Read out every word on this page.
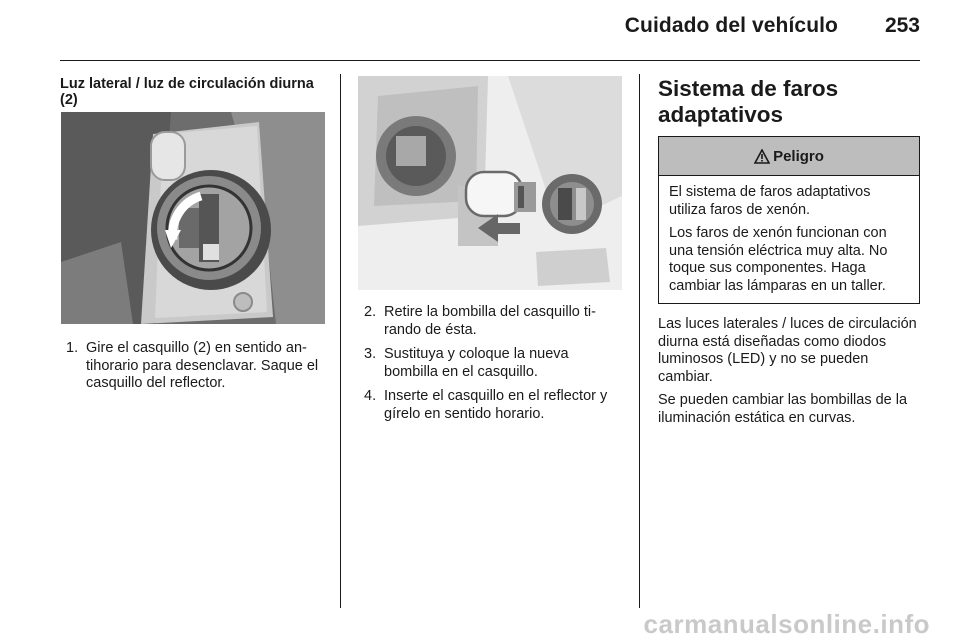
Cuidado del vehículo 253
Luz lateral / luz de circulación diurna (2)
1. Gire el casquillo (2) en sentido antihorario para desenclavar. Saque el casquillo del reflector.
2. Retire la bombilla del casquillo tirando de ésta.
3. Sustituya y coloque la nueva bombilla en el casquillo.
4. Inserte el casquillo en el reflector y gírelo en sentido horario.
Sistema de faros adaptativos
Peligro

El sistema de faros adaptativos utiliza faros de xenón.

Los faros de xenón funcionan con una tensión eléctrica muy alta. No toque sus componentes. Haga cambiar las lámparas en un taller.

Las luces laterales / luces de circulación diurna está diseñadas como diodos luminosos (LED) y no se pueden cambiar.

Se pueden cambiar las bombillas de la iluminación estática en curvas.

carmanualsonline.info
